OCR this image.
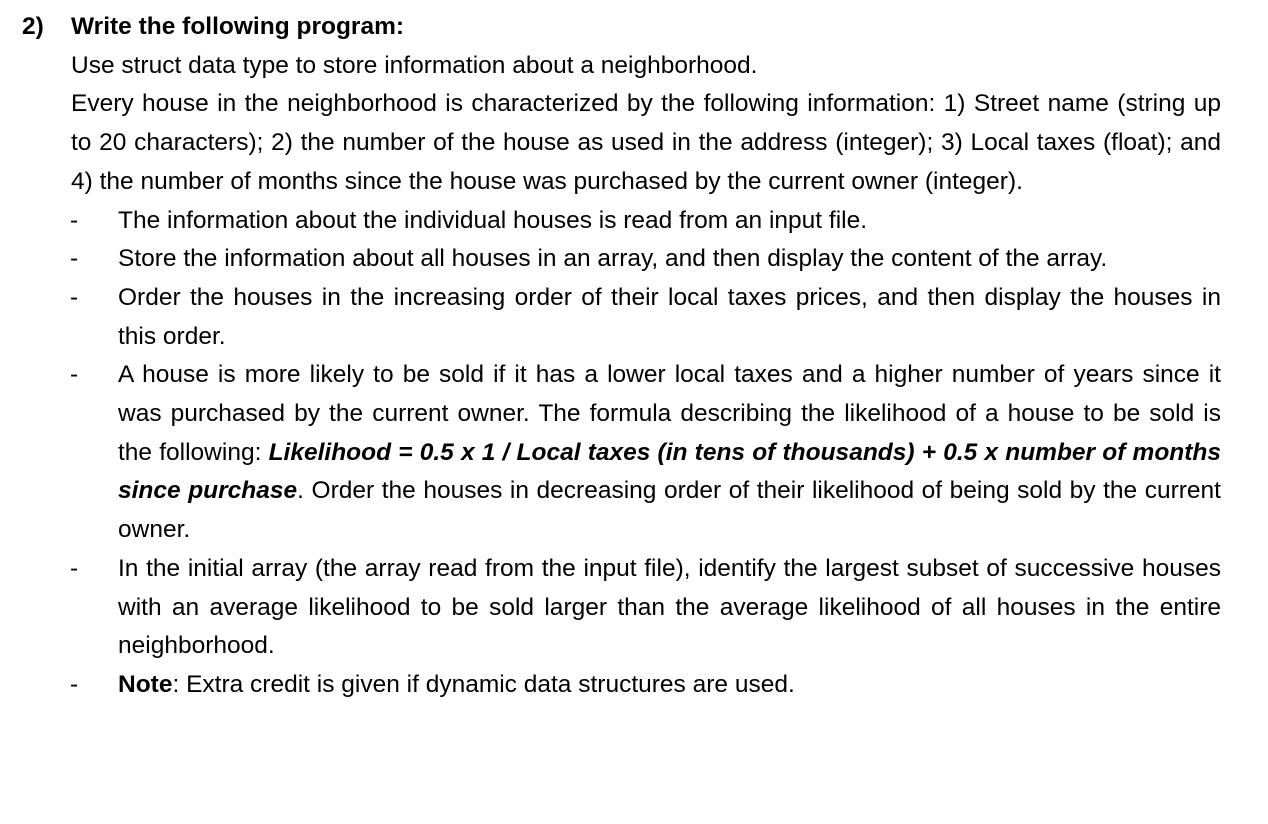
2) Write the following program:

Use struct data type to store information about a neighborhood.

Every house in the neighborhood is characterized by the following information: 1) Street name (string up to 20 characters); 2) the number of the house as used in the address (integer); 3) Local taxes (float); and 4) the number of months since the house was purchased by the current owner (integer).

- The information about the individual houses is read from an input file.
- Store the information about all houses in an array, and then display the content of the array.
- Order the houses in the increasing order of their local taxes prices, and then display the houses in this order.
- A house is more likely to be sold if it has a lower local taxes and a higher number of years since it was purchased by the current owner. The formula describing the likelihood of a house to be sold is the following: Likelihood = 0.5 x 1 / Local taxes (in tens of thousands) + 0.5 x number of months since purchase. Order the houses in decreasing order of their likelihood of being sold by the current owner.
- In the initial array (the array read from the input file), identify the largest subset of successive houses with an average likelihood to be sold larger than the average likelihood of all houses in the entire neighborhood.
- Note: Extra credit is given if dynamic data structures are used.
